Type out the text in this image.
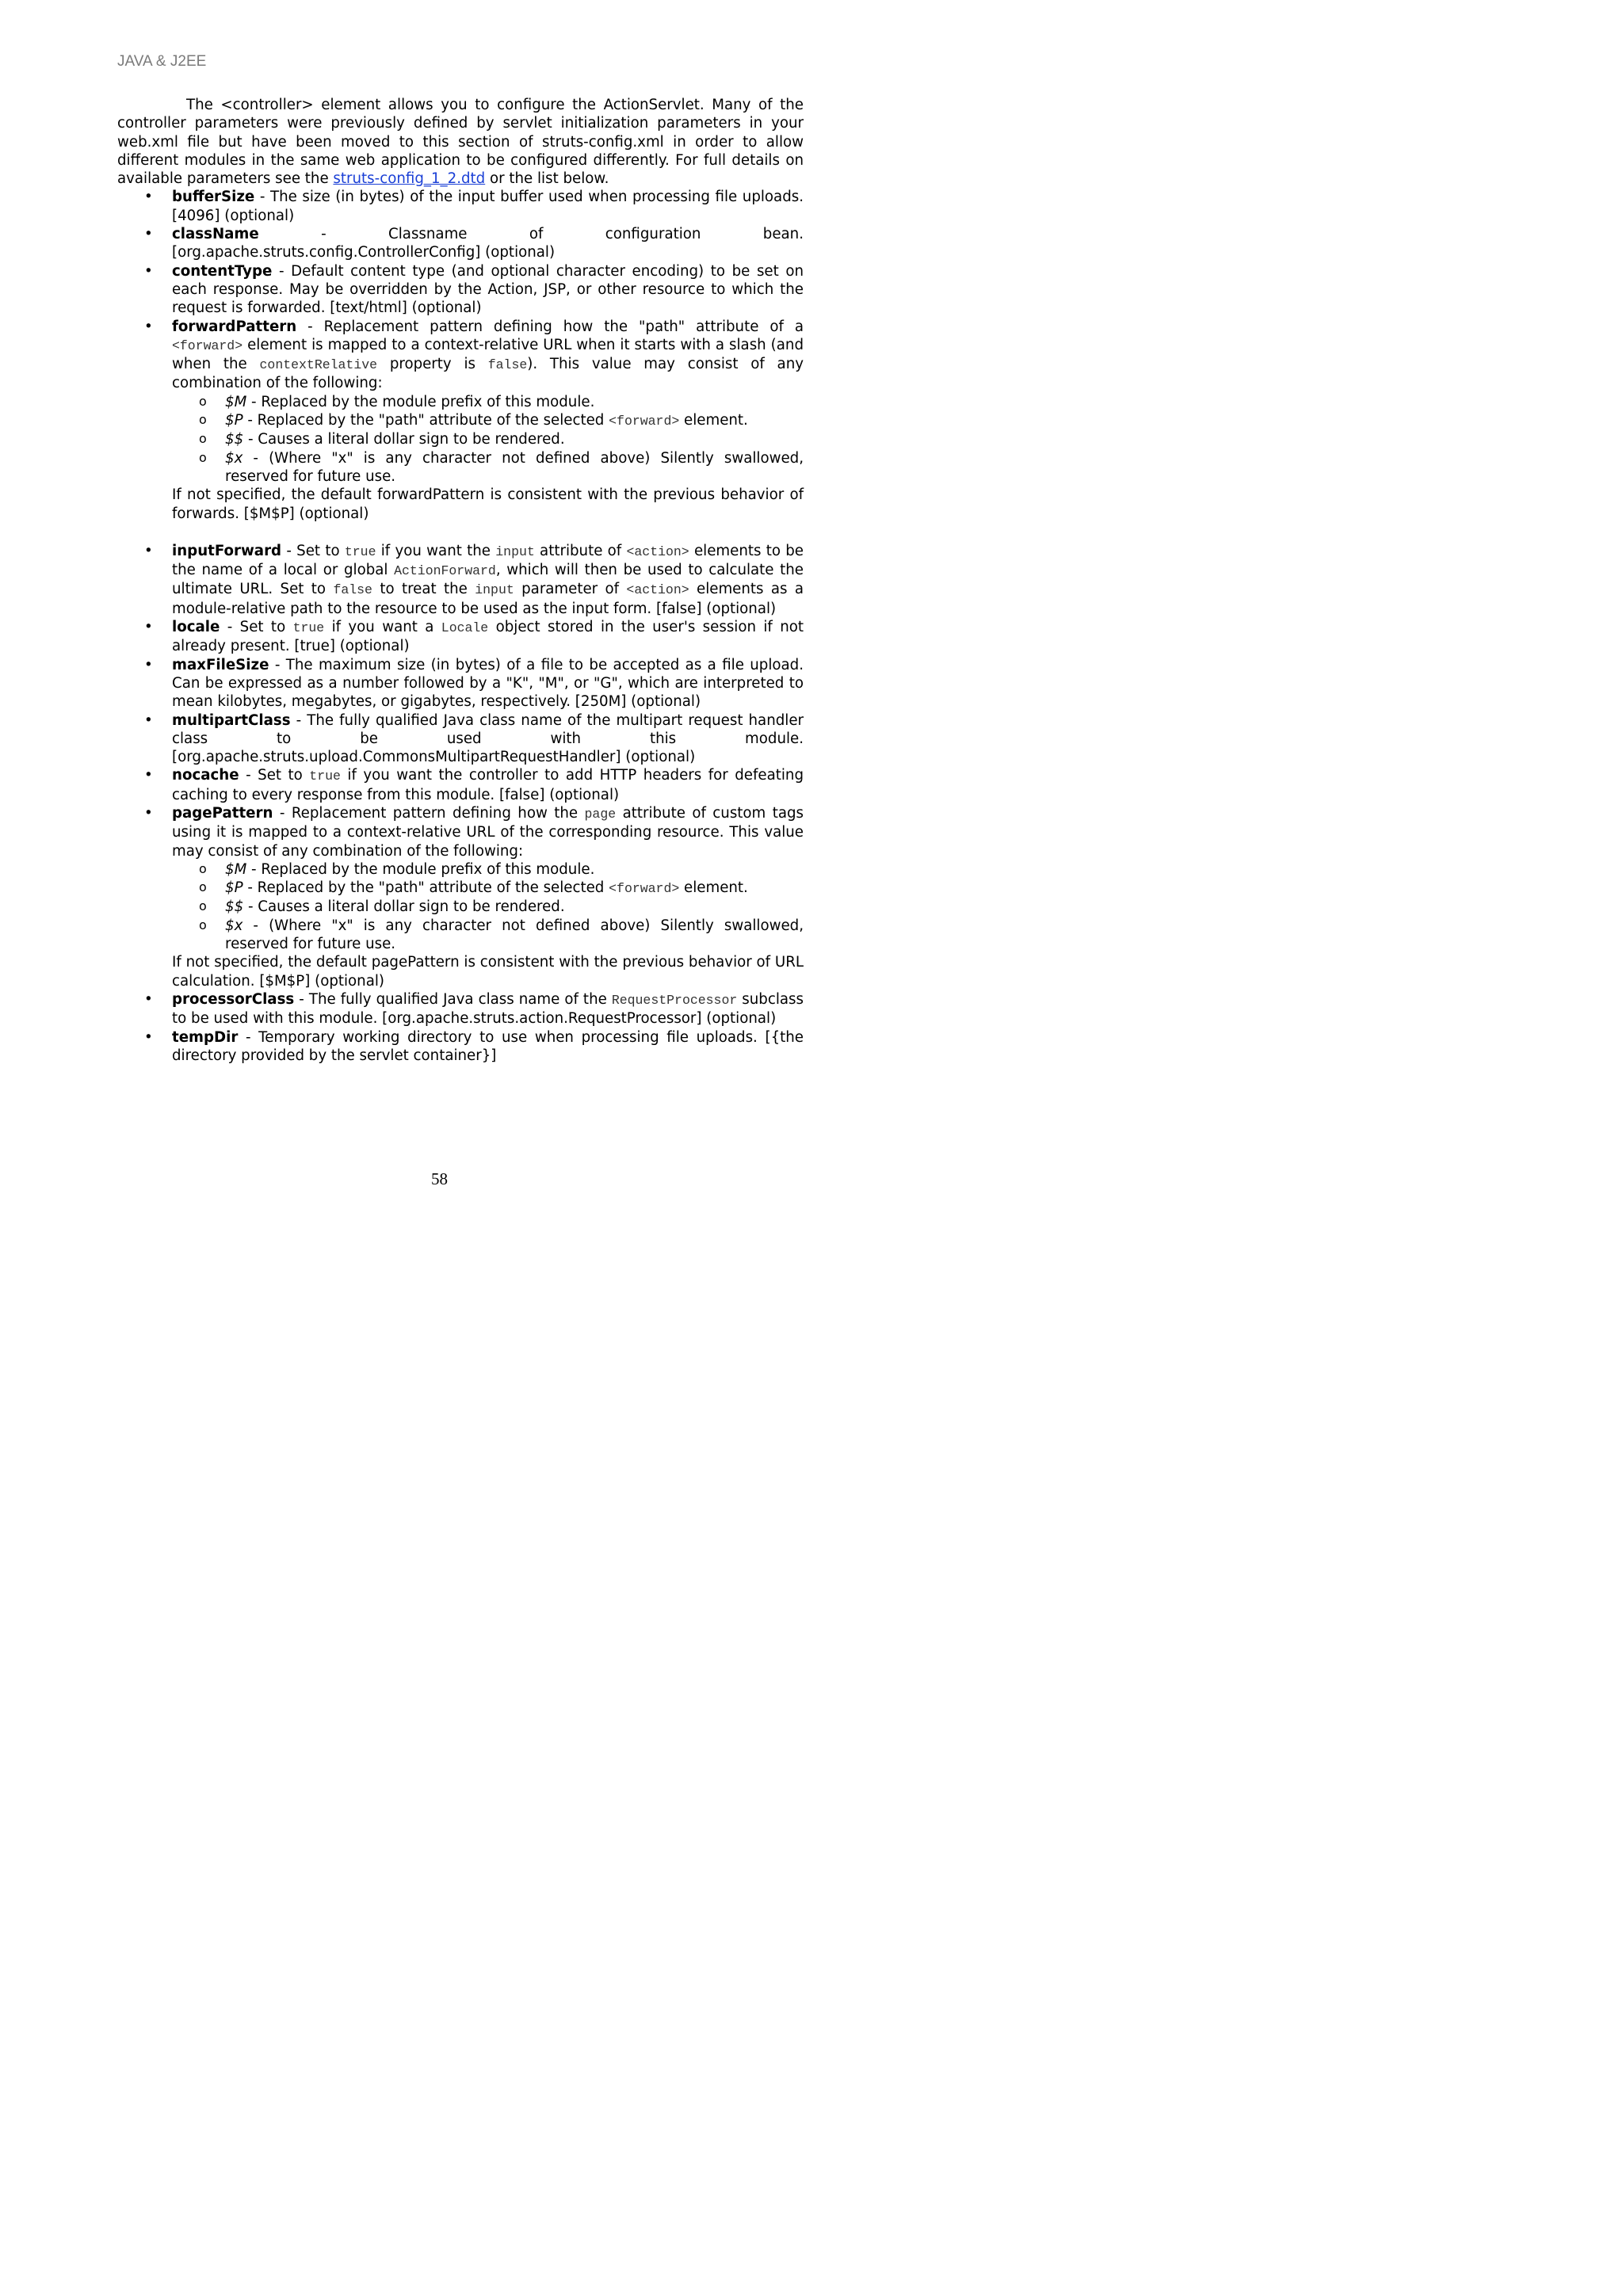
JAVA & J2EE

The <controller> element allows you to configure the ActionServlet. Many of the controller parameters were previously defined by servlet initialization parameters in your web.xml file but have been moved to this section of struts-config.xml in order to allow different modules in the same web application to be configured differently. For full details on available parameters see the struts-config_1_2.dtd or the list below.

• bufferSize - The size (in bytes) of the input buffer used when processing file uploads. [4096] (optional)
• className - Classname of configuration bean. [org.apache.struts.config.ControllerConfig] (optional)
• contentType - Default content type (and optional character encoding) to be set on each response. May be overridden by the Action, JSP, or other resource to which the request is forwarded. [text/html] (optional)
• forwardPattern - Replacement pattern defining how the "path" attribute of a <forward> element is mapped to a context-relative URL when it starts with a slash (and when the contextRelative property is false). This value may consist of any combination of the following:
o $M - Replaced by the module prefix of this module.
o $P - Replaced by the "path" attribute of the selected <forward> element.
o $$ - Causes a literal dollar sign to be rendered.
o $x - (Where "x" is any character not defined above) Silently swallowed, reserved for future use.

If not specified, the default forwardPattern is consistent with the previous behavior of forwards. [$M$P] (optional)

• inputForward - Set to true if you want the input attribute of <action> elements to be the name of a local or global ActionForward, which will then be used to calculate the ultimate URL. Set to false to treat the input parameter of <action> elements as a module-relative path to the resource to be used as the input form. [false] (optional)
• locale - Set to true if you want a Locale object stored in the user's session if not already present. [true] (optional)
• maxFileSize - The maximum size (in bytes) of a file to be accepted as a file upload. Can be expressed as a number followed by a "K", "M", or "G", which are interpreted to mean kilobytes, megabytes, or gigabytes, respectively. [250M] (optional)
• multipartClass - The fully qualified Java class name of the multipart request handler class to be used with this module. [org.apache.struts.upload.CommonsMultipartRequestHandler] (optional)
• nocache - Set to true if you want the controller to add HTTP headers for defeating caching to every response from this module. [false] (optional)
• pagePattern - Replacement pattern defining how the page attribute of custom tags using it is mapped to a context-relative URL of the corresponding resource. This value may consist of any combination of the following:
o $M - Replaced by the module prefix of this module.
o $P - Replaced by the "path" attribute of the selected <forward> element.
o $$ - Causes a literal dollar sign to be rendered.
o $x - (Where "x" is any character not defined above) Silently swallowed, reserved for future use.

If not specified, the default pagePattern is consistent with the previous behavior of URL calculation. [$M$P] (optional)

• processorClass - The fully qualified Java class name of the RequestProcessor subclass to be used with this module. [org.apache.struts.action.RequestProcessor] (optional)
• tempDir - Temporary working directory to use when processing file uploads. [{the directory provided by the servlet container}]
58
